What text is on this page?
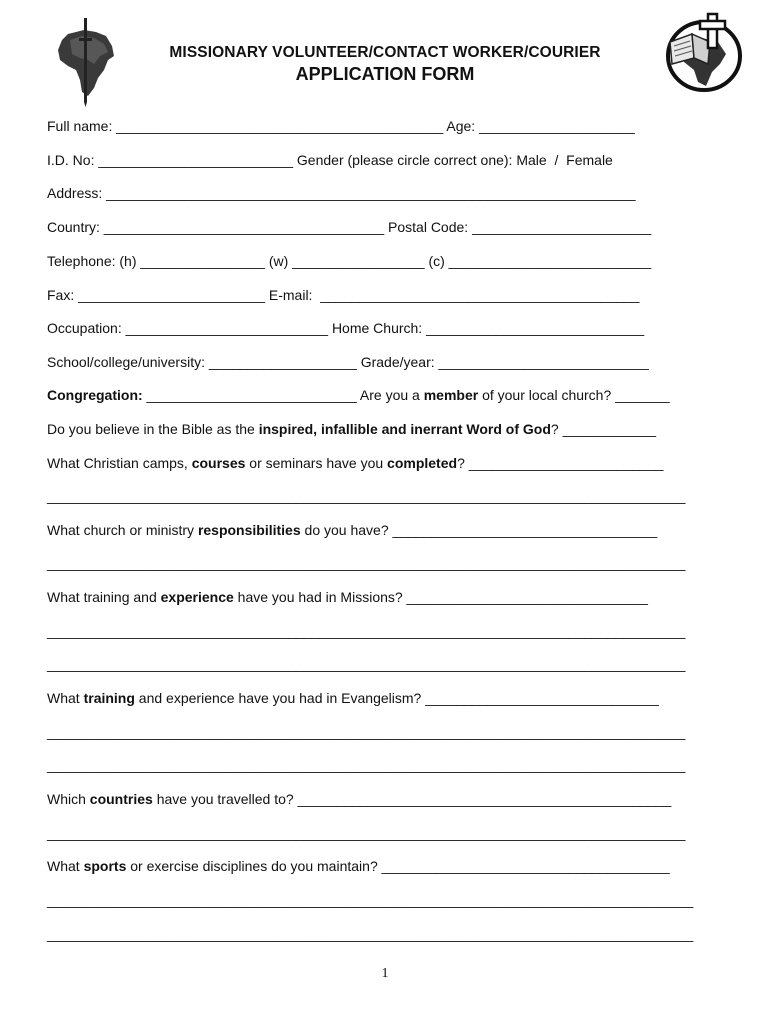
MISSIONARY VOLUNTEER/CONTACT WORKER/COURIER
APPLICATION FORM
Full name: __________________________________________ Age: ____________________
I.D. No: _________________________ Gender (please circle correct one): Male  /  Female
Address: ____________________________________________________________________
Country: ____________________________________ Postal Code: _______________________
Telephone: (h) ________________ (w) _________________ (c) __________________________
Fax: ________________________ E-mail:  _________________________________________
Occupation: __________________________ Home Church: ____________________________
School/college/university: ___________________ Grade/year: ___________________________
Congregation: ___________________________ Are you a member of your local church? _______
Do you believe in the Bible as the inspired, infallible and inerrant Word of God? ____________
What Christian camps, courses or seminars have you completed? _________________________
__________________________________________________________________________________
What church or ministry responsibilities do you have? __________________________________
__________________________________________________________________________________
What training and experience have you had in Missions? _______________________________
__________________________________________________________________________________
__________________________________________________________________________________
What training and experience have you had in Evangelism? ______________________________
__________________________________________________________________________________
__________________________________________________________________________________
Which countries have you travelled to? ________________________________________________
__________________________________________________________________________________
What sports or exercise disciplines do you maintain? _____________________________________
___________________________________________________________________________________
___________________________________________________________________________________
1
